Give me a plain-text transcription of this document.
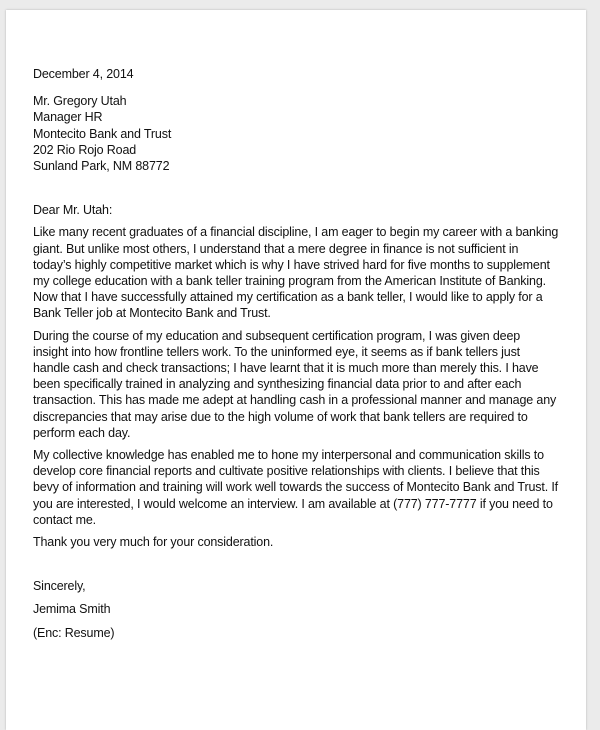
December 4, 2014
Mr. Gregory Utah
Manager HR
Montecito Bank and Trust
202 Rio Rojo Road
Sunland Park, NM 88772
Dear Mr. Utah:

Like many recent graduates of a financial discipline, I am eager to begin my career with a banking
giant. But unlike most others, I understand that a mere degree in finance is not sufficient in
today’s highly competitive market which is why I have strived hard for five months to supplement
my college education with a bank teller training program from the American Institute of Banking.
Now that I have successfully attained my certification as a bank teller, I would like to apply for a
Bank Teller job at Montecito Bank and Trust.

During the course of my education and subsequent certification program, I was given deep
insight into how frontline tellers work. To the uninformed eye, it seems as if bank tellers just
handle cash and check transactions; I have learnt that it is much more than merely this. I have
been specifically trained in analyzing and synthesizing financial data prior to and after each
transaction. This has made me adept at handling cash in a professional manner and manage any
discrepancies that may arise due to the high volume of work that bank tellers are required to
perform each day.

My collective knowledge has enabled me to hone my interpersonal and communication skills to
develop core financial reports and cultivate positive relationships with clients. I believe that this
bevy of information and training will work well towards the success of Montecito Bank and Trust. If
you are interested, I would welcome an interview. I am available at (777) 777-7777 if you need to
contact me.

Thank you very much for your consideration.

Sincerely,
Jemima Smith
(Enc: Resume)
